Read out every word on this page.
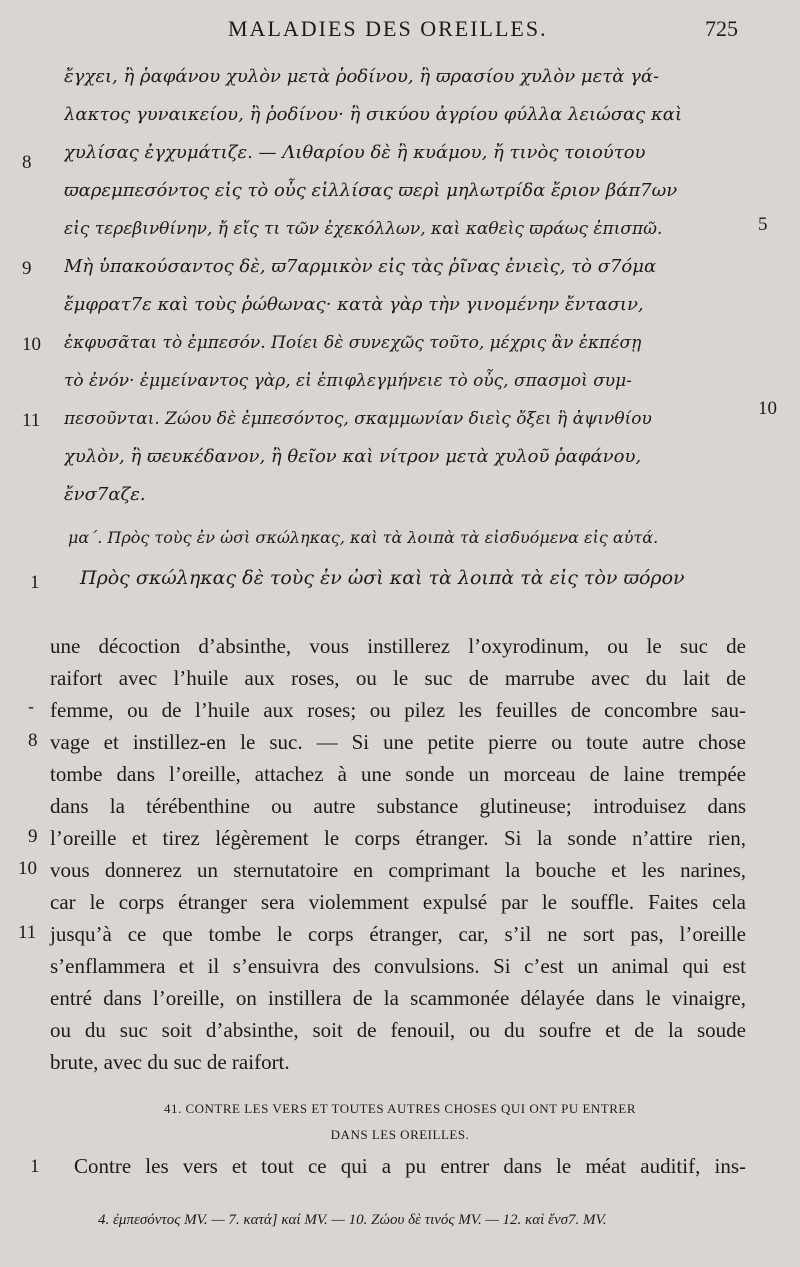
MALADIES DES OREILLES.	725
ἔγχει, ἢ ῥαφάνου χυλὸν μετὰ ῥοδίνου, ἢ ϖρασίου χυλὸν μετὰ γά-
λακτος γυναικείου, ἢ ῥοδίνου· ἢ σικύου ἀγρίου φύλλα λειώσας καὶ
χυλίσας ἐγχυμάτιζε. — Λιθαρίου δὲ ἢ κυάμου, ἤ τινὸς τοιούτου
ϖαρεμπεσόντος εἰς τὸ οὖς εἱλλίσας ϖερὶ μηλωτρίδα ἔριον βάπ7ων
εἰς τερεβινθίνην, ἤ εἴς τι τῶν ἐχεκόλλων, καὶ καθεὶς ϖράως ἐπισπῶ.
Μὴ ὑπακούσαντος δὲ, ϖ7αρμικὸν εἰς τὰς ῥῖνας ἐνιεὶς, τὸ σ7όμα
ἔμφρατ7ε καὶ τοὺς ῥώθωνας· κατὰ γὰρ τὴν γινομένην ἔντασιν,
ἐκφυσᾶται τὸ ἐμπεσόν. Ποίει δὲ συνεχῶς τοῦτο, μέχρις ἂν ἐκπέσῃ
τὸ ἐνόν· ἐμμείναντος γὰρ, εἰ ἐπιφλεγμήνειε τὸ οὖς, σπασμοὶ συμ-
πεσοῦνται. Ζώου δὲ ἐμπεσόντος, σκαμμωνίαν διεὶς ὄξει ἢ ἀψινθίου
χυλὸν, ἢ ϖευκέδανον, ἢ θεῖον καὶ νίτρον μετὰ χυλοῦ ῥαφάνου,
ἔνσ7αζε.
8
9
10
11
5
10
μα΄. Πρὸς τοὺς ἐν ὠσὶ σκώληκας, καὶ τὰ λοιπὰ τὰ εἰσδυόμενα εἰς αὐτά.
1 Πρὸς σκώληκας δὲ τοὺς ἐν ὠσὶ καὶ τὰ λοιπὰ τὰ εἰς τὸν ϖόρον
une décoction d’absinthe, vous instillerez l’oxyrodinum, ou le suc de
raifort avec l’huile aux roses, ou le suc de marrube avec du lait de
femme, ou de l’huile aux roses; ou pilez les feuilles de concombre sau-
vage et instillez-en le suc. — Si une petite pierre ou toute autre chose
tombe dans l’oreille, attachez à une sonde un morceau de laine trempée
dans la térébenthine ou autre substance glutineuse; introduisez dans
l’oreille et tirez légèrement le corps étranger. Si la sonde n’attire rien,
vous donnerez un sternutatoire en comprimant la bouche et les narines,
car le corps étranger sera violemment expulsé par le souffle. Faites cela
jusqu’à ce que tombe le corps étranger, car, s’il ne sort pas, l’oreille
s’enflammera et il s’ensuivra des convulsions. Si c’est un animal qui est
entré dans l’oreille, on instillera de la scammonée délayée dans le vinaigre,
ou du suc soit d’absinthe, soit de fenouil, ou du soufre et de la soude
brute, avec du suc de raifort.
-
8
9
10
11
41. CONTRE LES VERS ET TOUTES AUTRES CHOSES QUI ONT PU ENTRER
DANS LES OREILLES.
1 Contre les vers et tout ce qui a pu entrer dans le méat auditif, ins-
4. ἐμπεσόντος MV. — 7. κατά] καί MV. — 10. Ζώου δὲ τινός MV. — 12. καὶ ἔνσ7. MV.
